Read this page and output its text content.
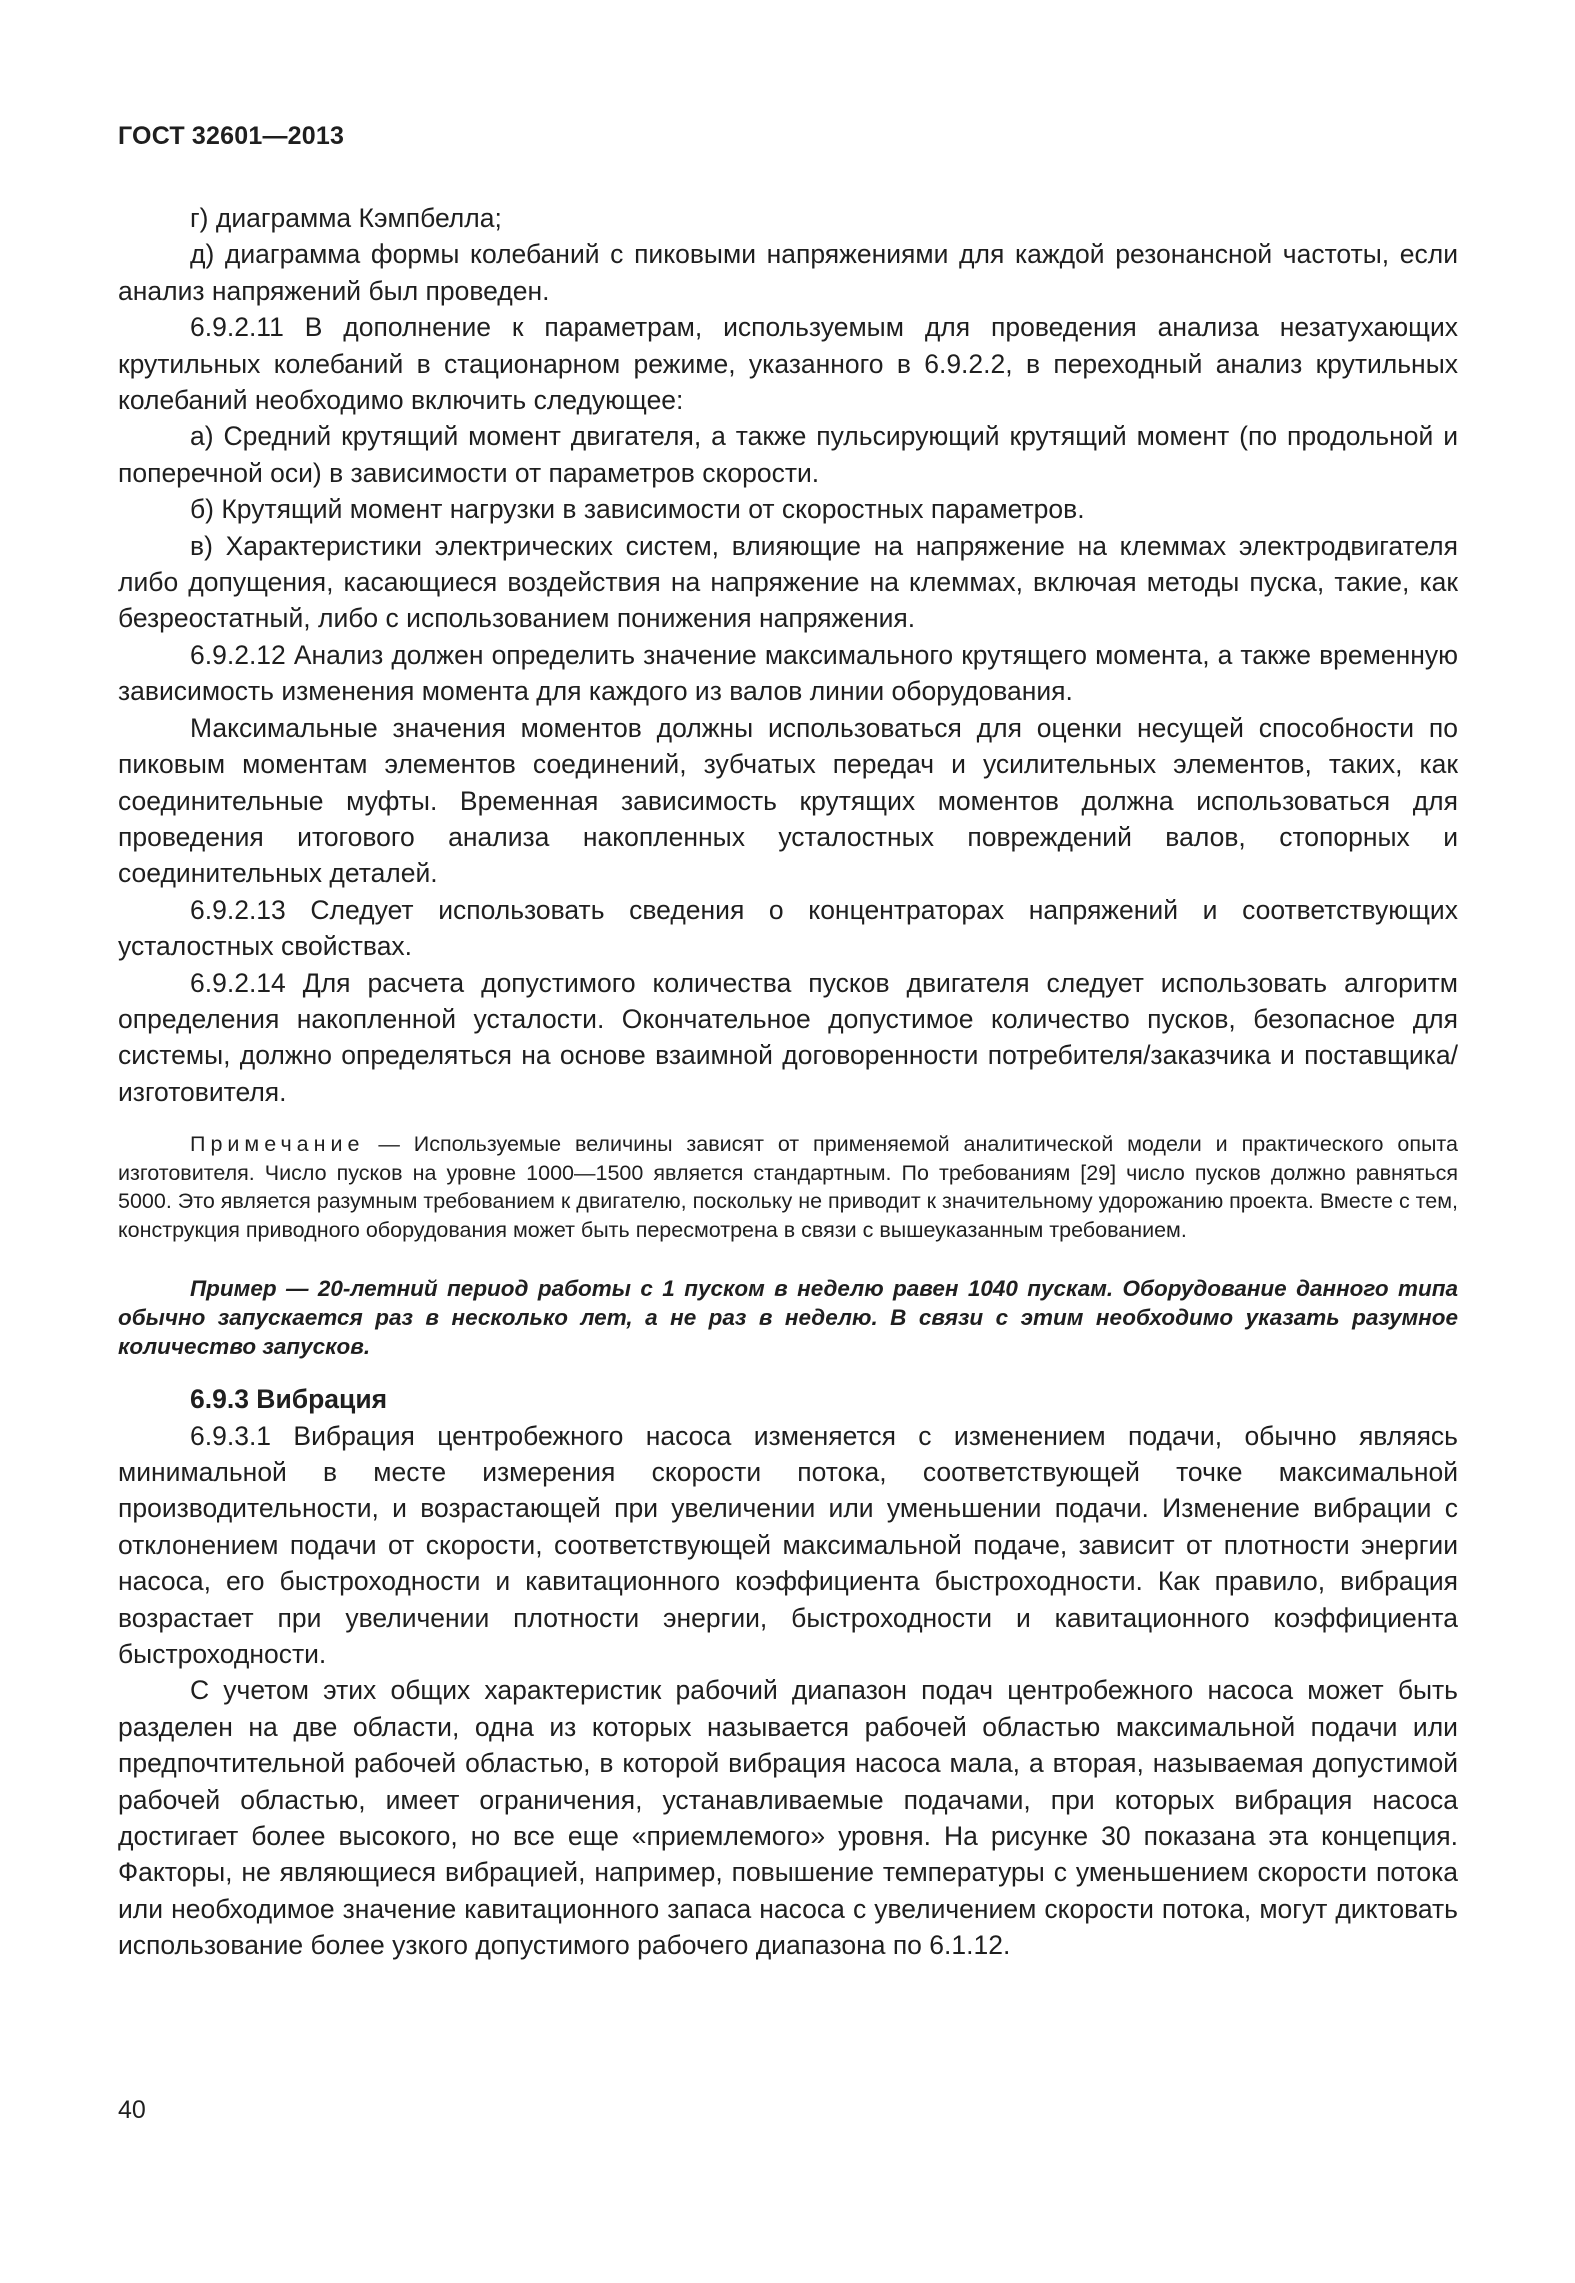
ГОСТ 32601—2013

г) диаграмма Кэмпбелла;

д) диаграмма формы колебаний с пиковыми напряжениями для каждой резонансной частоты, если анализ напряжений был проведен.

6.9.2.11 В дополнение к параметрам, используемым для проведения анализа незатухающих крутильных колебаний в стационарном режиме, указанного в 6.9.2.2, в переходный анализ крутильных колебаний необходимо включить следующее:

а) Средний крутящий момент двигателя, а также пульсирующий крутящий момент (по продольной и поперечной оси) в зависимости от параметров скорости.

б) Крутящий момент нагрузки в зависимости от скоростных параметров.

в) Характеристики электрических систем, влияющие на напряжение на клеммах электродвигателя либо допущения, касающиеся воздействия на напряжение на клеммах, включая методы пуска, такие, как безреостатный, либо с использованием понижения напряжения.

6.9.2.12 Анализ должен определить значение максимального крутящего момента, а также временную зависимость изменения момента для каждого из валов линии оборудования.

Максимальные значения моментов должны использоваться для оценки несущей способности по пиковым моментам элементов соединений, зубчатых передач и усилительных элементов, таких, как соединительные муфты. Временная зависимость крутящих моментов должна использоваться для проведения итогового анализа накопленных усталостных повреждений валов, стопорных и соединительных деталей.

6.9.2.13 Следует использовать сведения о концентраторах напряжений и соответствующих усталостных свойствах.

6.9.2.14 Для расчета допустимого количества пусков двигателя следует использовать алгоритм определения накопленной усталости. Окончательное допустимое количество пусков, безопасное для системы, должно определяться на основе взаимной договоренности потребителя/заказчика и поставщика/изготовителя.

Примечание — Используемые величины зависят от применяемой аналитической модели и практического опыта изготовителя. Число пусков на уровне 1000—1500 является стандартным. По требованиям [29] число пусков должно равняться 5000. Это является разумным требованием к двигателю, поскольку не приводит к значительному удорожанию проекта. Вместе с тем, конструкция приводного оборудования может быть пересмотрена в связи с вышеуказанным требованием.

Пример — 20-летний период работы с 1 пуском в неделю равен 1040 пускам. Оборудование данного типа обычно запускается раз в несколько лет, а не раз в неделю. В связи с этим необходимо указать разумное количество запусков.

6.9.3 Вибрация

6.9.3.1 Вибрация центробежного насоса изменяется с изменением подачи, обычно являясь минимальной в месте измерения скорости потока, соответствующей точке максимальной производительности, и возрастающей при увеличении или уменьшении подачи. Изменение вибрации с отклонением подачи от скорости, соответствующей максимальной подаче, зависит от плотности энергии насоса, его быстроходности и кавитационного коэффициента быстроходности. Как правило, вибрация возрастает при увеличении плотности энергии, быстроходности и кавитационного коэффициента быстроходности.

С учетом этих общих характеристик рабочий диапазон подач центробежного насоса может быть разделен на две области, одна из которых называется рабочей областью максимальной подачи или предпочтительной рабочей областью, в которой вибрация насоса мала, а вторая, называемая допустимой рабочей областью, имеет ограничения, устанавливаемые подачами, при которых вибрация насоса достигает более высокого, но все еще «приемлемого» уровня. На рисунке 30 показана эта концепция. Факторы, не являющиеся вибрацией, например, повышение температуры с уменьшением скорости потока или необходимое значение кавитационного запаса насоса с увеличением скорости потока, могут диктовать использование более узкого допустимого рабочего диапазона по 6.1.12.

40
